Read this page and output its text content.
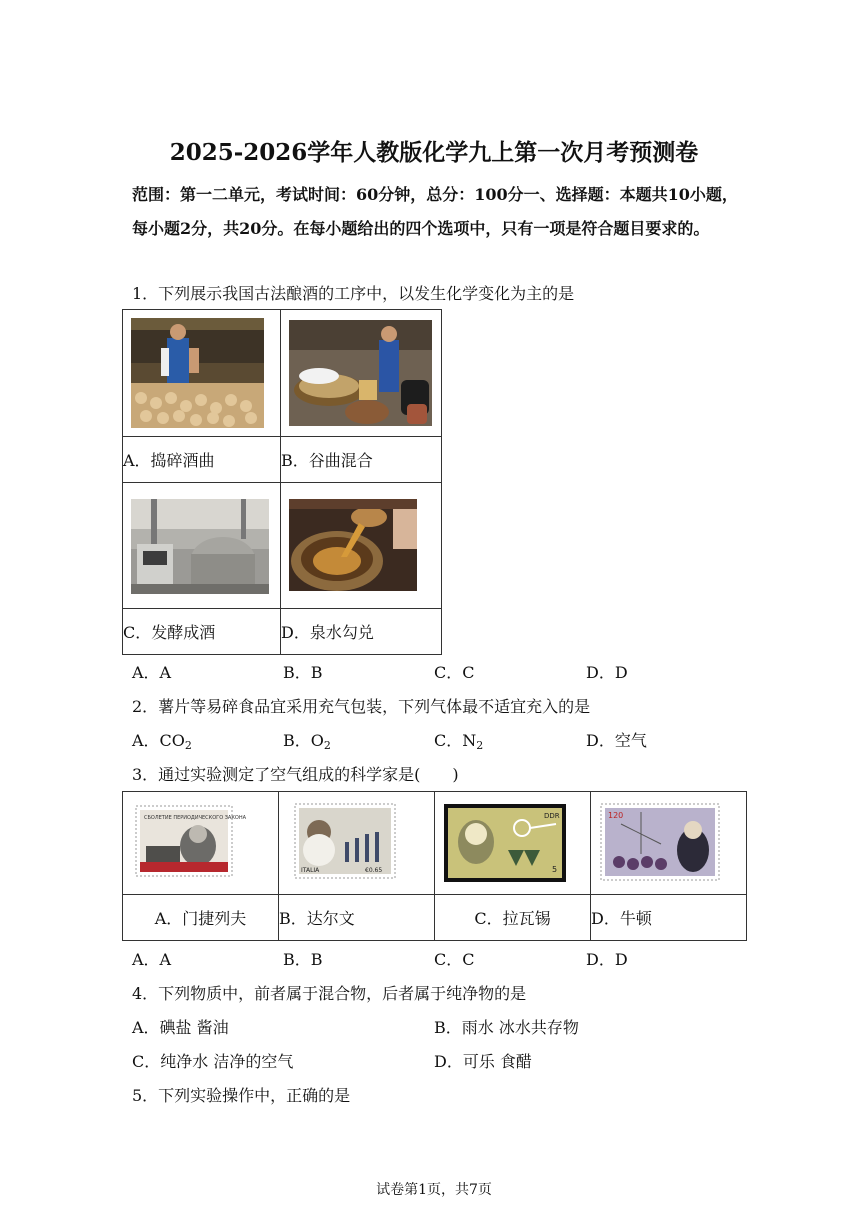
2025-2026学年人教版化学九上第一次月考预测卷
范围：第一二单元，考试时间：60分钟，总分：100分一、选择题：本题共10小题，每小题2分，共20分。在每小题给出的四个选项中，只有一项是符合题目要求的。
1．下列展示我国古法酿酒的工序中，以发生化学变化为主的是

A．捣碎酒曲	B．谷曲混合

C．发酵成酒	D．泉水勾兑
A．A	B．B	C．C	D．D
2．薯片等易碎食品宜采用充气包装，下列气体最不适宜充入的是
A．$CO_2$	B．$O_2$	C．$N_2$	D．空气
3．通过实验测定了空气组成的科学家是(　　)
СБОЛЕТИЕ ПЕРИОДИЧЕСКОГО ЗАКОНА	ITALIA €0.65	DDR
5	120

A．门捷列夫	B．达尔文	C．拉瓦锡	D．牛顿
A．A	B．B	C．C	D．D
4．下列物质中，前者属于混合物，后者属于纯净物的是
A．碘盐 酱油	B．雨水 冰水共存物
C．纯净水 洁净的空气	D．可乐 食醋
5．下列实验操作中，正确的是
试卷第1页，共7页
